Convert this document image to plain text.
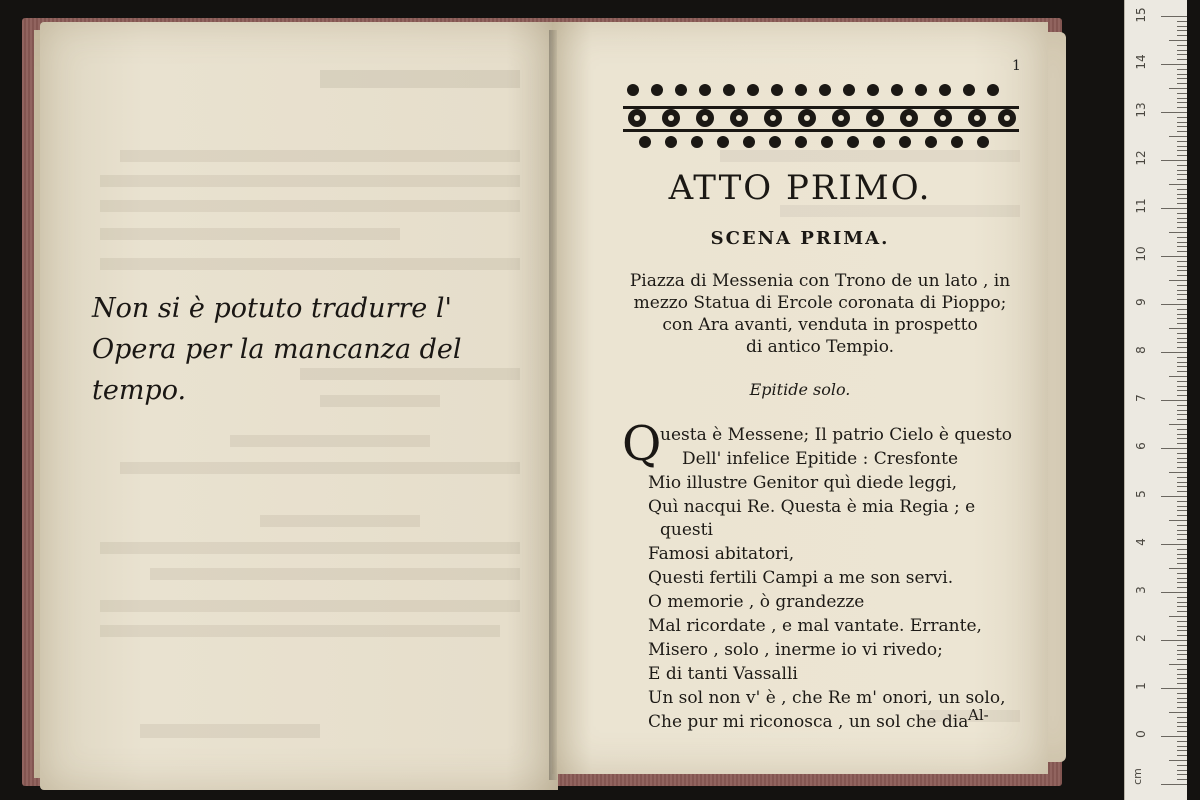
Non si è potuto tradurre l'
Opera per la mancanza del
tempo.
1
ATTO PRIMO.
SCENA PRIMA.
Piazza di Messenia con Trono de un lato , in
mezzo Statua di Ercole coronata di Pioppo;
con Ara avanti, venduta in prospetto
di antico Tempio.
Epitide solo.
Q
uesta è Messene; Il patrio Cielo è questo
Dell' infelice Epitide : Cresfonte
Mio illustre Genitor quì diede leggi,
Quì nacqui Re. Questa è mia Regia ; e
questi
Famosi abitatori,
Questi fertili Campi a me son servi.
O memorie , ò grandezze
Mal ricordate , e mal vantate. Errante,
Misero , solo , inerme io vi rivedo;
E di tanti Vassalli
Un sol non v' è , che Re m' onori, un solo,
Che pur mi riconosca , un sol che dia Al-
15
14
13
12
11
10
9
8
7
6
5
4
3
2
1
0
cm
